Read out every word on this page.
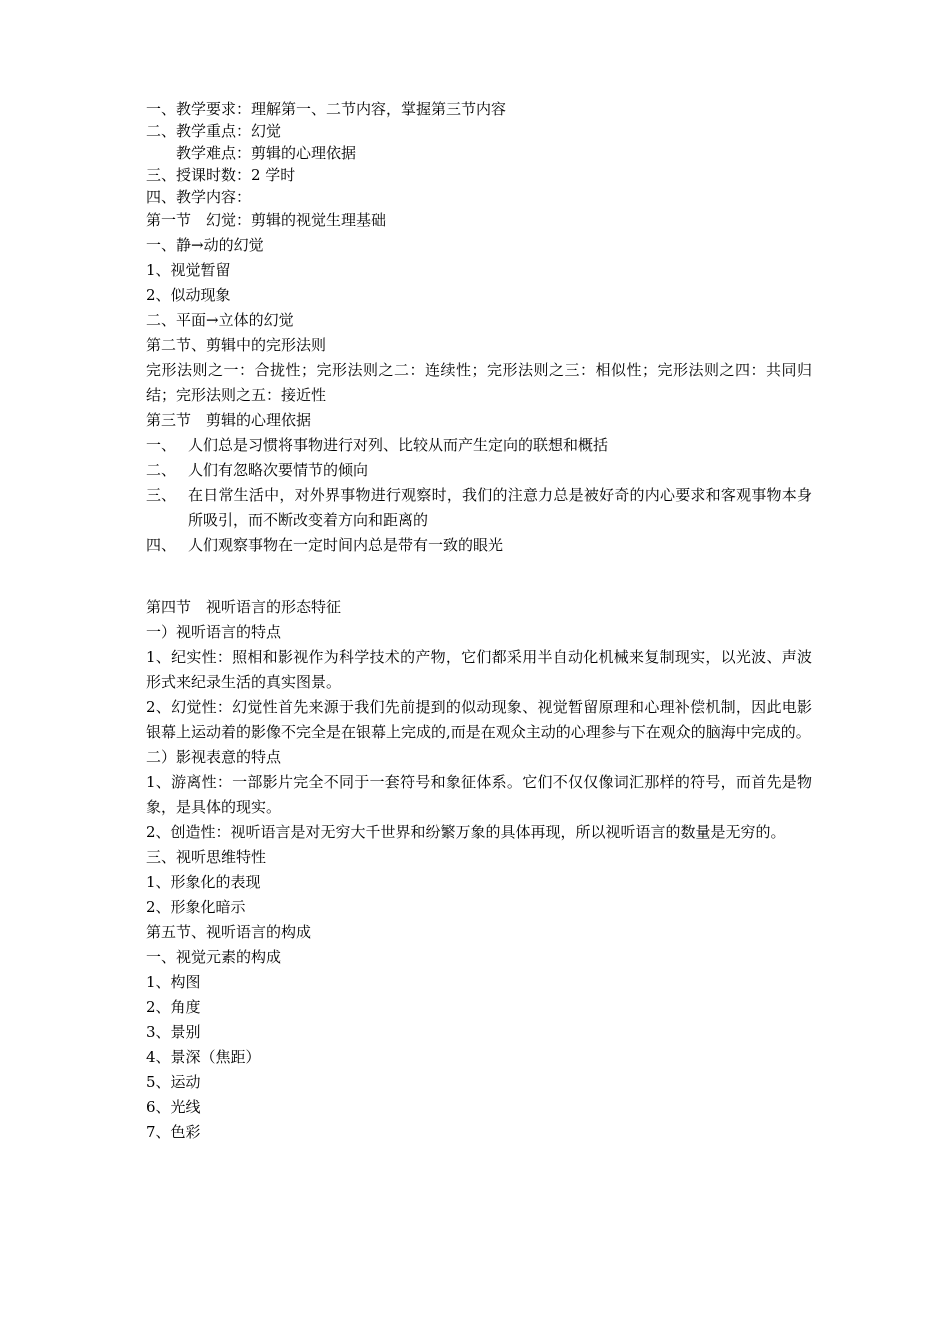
一、教学要求：理解第一、二节内容，掌握第三节内容

二、教学重点：幻觉

教学难点：剪辑的心理依据

三、授课时数：2 学时

四、教学内容：

第一节　幻觉：剪辑的视觉生理基础

一、静→动的幻觉

1、视觉暂留

2、似动现象

二、平面→立体的幻觉

第二节、剪辑中的完形法则

完形法则之一：合拢性；完形法则之二：连续性；完形法则之三：相似性；完形法则之四：共同归结；完形法则之五：接近性

第三节　剪辑的心理依据

一、 人们总是习惯将事物进行对列、比较从而产生定向的联想和概括
二、 人们有忽略次要情节的倾向
三、 在日常生活中，对外界事物进行观察时，我们的注意力总是被好奇的内心要求和客观事物本身所吸引，而不断改变着方向和距离的
四、 人们观察事物在一定时间内总是带有一致的眼光

第四节　视听语言的形态特征

一）视听语言的特点

1、纪实性：照相和影视作为科学技术的产物，它们都采用半自动化机械来复制现实，以光波、声波形式来纪录生活的真实图景。

2、幻觉性：幻觉性首先来源于我们先前提到的似动现象、视觉暂留原理和心理补偿机制，因此电影银幕上运动着的影像不完全是在银幕上完成的,而是在观众主动的心理参与下在观众的脑海中完成的。

二）影视表意的特点

1、游离性：一部影片完全不同于一套符号和象征体系。它们不仅仅像词汇那样的符号，而首先是物象，是具体的现实。

2、创造性：视听语言是对无穷大千世界和纷繁万象的具体再现，所以视听语言的数量是无穷的。

三、视听思维特性

1、形象化的表现

2、形象化暗示

第五节、视听语言的构成

一、视觉元素的构成

1、构图

2、角度

3、景别

4、景深（焦距）

5、运动

6、光线

7、色彩
